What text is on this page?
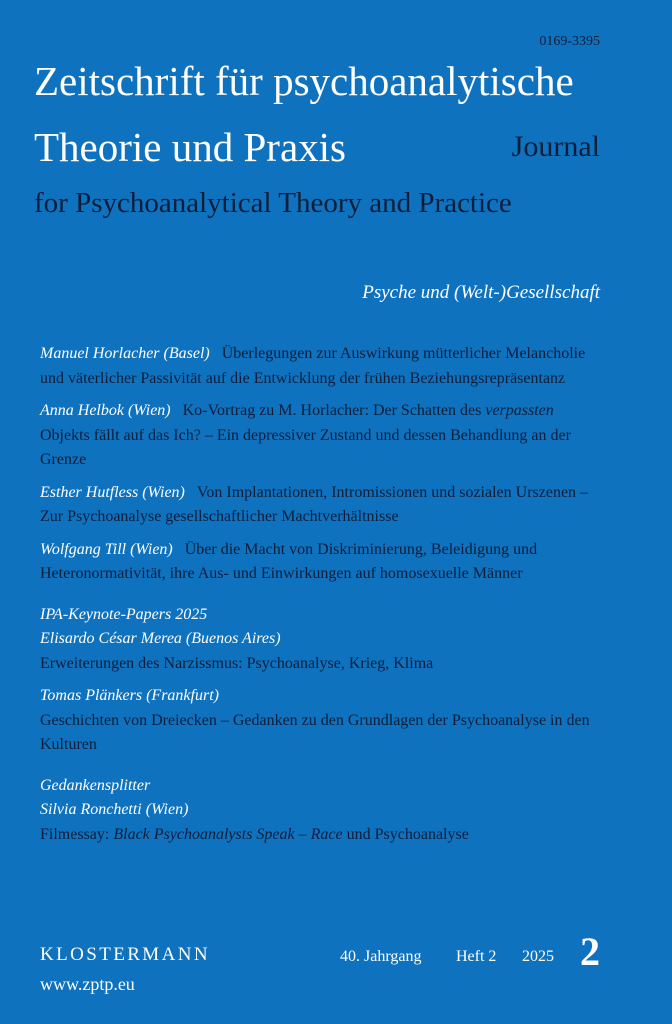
0169-3395
Zeitschrift für psychoanalytische
Theorie und Praxis	Journal
for Psychoanalytical Theory and Practice
Psyche und (Welt-)Gesellschaft

Manuel Horlacher (Basel) Überlegungen zur Auswirkung mütterlicher Melancholie und väterlicher Passivität auf die Entwicklung der frühen Beziehungsrepräsentanz

Anna Helbok (Wien) Ko-Vortrag zu M. Horlacher: Der Schatten des verpassten Objekts fällt auf das Ich? – Ein depressiver Zustand und dessen Behandlung an der Grenze

Esther Hutfless (Wien) Von Implantationen, Intromissionen und sozialen Urszenen – Zur Psychoanalyse gesellschaftlicher Machtverhältnisse

Wolfgang Till (Wien) Über die Macht von Diskriminierung, Beleidigung und Heteronormativität, ihre Aus- und Einwirkungen auf homosexuelle Männer

IPA-Keynote-Papers 2025
Elisardo César Merea (Buenos Aires)
Erweiterungen des Narzissmus: Psychoanalyse, Krieg, Klima
Tomas Plänkers (Frankfurt)
Geschichten von Dreiecken – Gedanken zu den Grundlagen der Psychoanalyse in den Kulturen
Gedankensplitter
Silvia Ronchetti (Wien)
Filmessay: Black Psychoanalysts Speak – Race und Psychoanalyse
KLOSTERMANN
www.zptp.eu
40. Jahrgang Heft 2 2025 2
